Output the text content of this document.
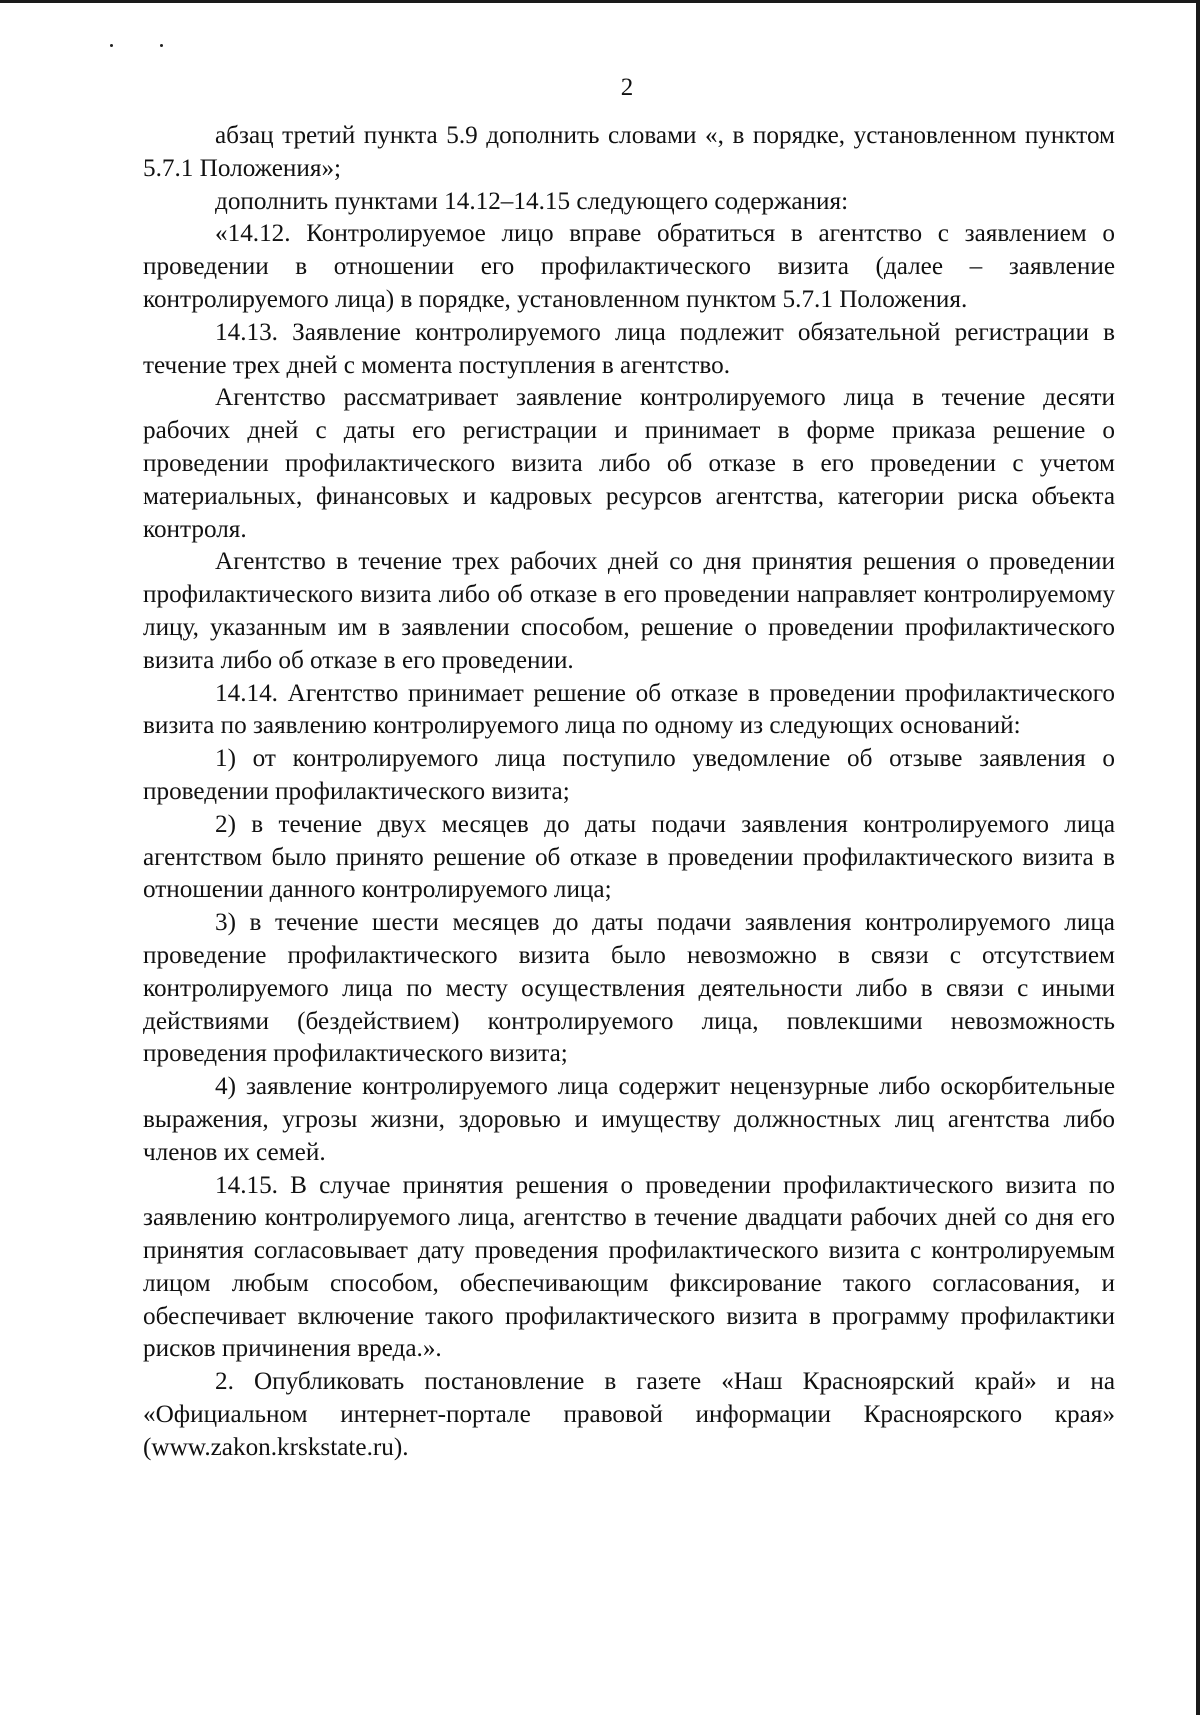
2

абзац третий пункта 5.9 дополнить словами «, в порядке, установленном пунктом 5.7.1 Положения»;

дополнить пунктами 14.12–14.15 следующего содержания:

«14.12. Контролируемое лицо вправе обратиться в агентство с заявлением о проведении в отношении его профилактического визита (далее – заявление контролируемого лица) в порядке, установленном пунктом 5.7.1 Положения.

14.13. Заявление контролируемого лица подлежит обязательной регистрации в течение трех дней с момента поступления в агентство.

Агентство рассматривает заявление контролируемого лица в течение десяти рабочих дней с даты его регистрации и принимает в форме приказа решение о проведении профилактического визита либо об отказе в его проведении с учетом материальных, финансовых и кадровых ресурсов агентства, категории риска объекта контроля.

Агентство в течение трех рабочих дней со дня принятия решения о проведении профилактического визита либо об отказе в его проведении направляет контролируемому лицу, указанным им в заявлении способом, решение о проведении профилактического визита либо об отказе в его проведении.

14.14. Агентство принимает решение об отказе в проведении профилактического визита по заявлению контролируемого лица по одному из следующих оснований:

1) от контролируемого лица поступило уведомление об отзыве заявления о проведении профилактического визита;

2) в течение двух месяцев до даты подачи заявления контролируемого лица агентством было принято решение об отказе в проведении профилактического визита в отношении данного контролируемого лица;

3) в течение шести месяцев до даты подачи заявления контролируемого лица проведение профилактического визита было невозможно в связи с отсутствием контролируемого лица по месту осуществления деятельности либо в связи с иными действиями (бездействием) контролируемого лица, повлекшими невозможность проведения профилактического визита;

4) заявление контролируемого лица содержит нецензурные либо оскорбительные выражения, угрозы жизни, здоровью и имуществу должностных лиц агентства либо членов их семей.

14.15. В случае принятия решения о проведении профилактического визита по заявлению контролируемого лица, агентство в течение двадцати рабочих дней со дня его принятия согласовывает дату проведения профилактического визита с контролируемым лицом любым способом, обеспечивающим фиксирование такого согласования, и обеспечивает включение такого профилактического визита в программу профилактики рисков причинения вреда.».

2. Опубликовать постановление в газете «Наш Красноярский край» и на «Официальном интернет-портале правовой информации Красноярского края» (www.zakon.krskstate.ru).
